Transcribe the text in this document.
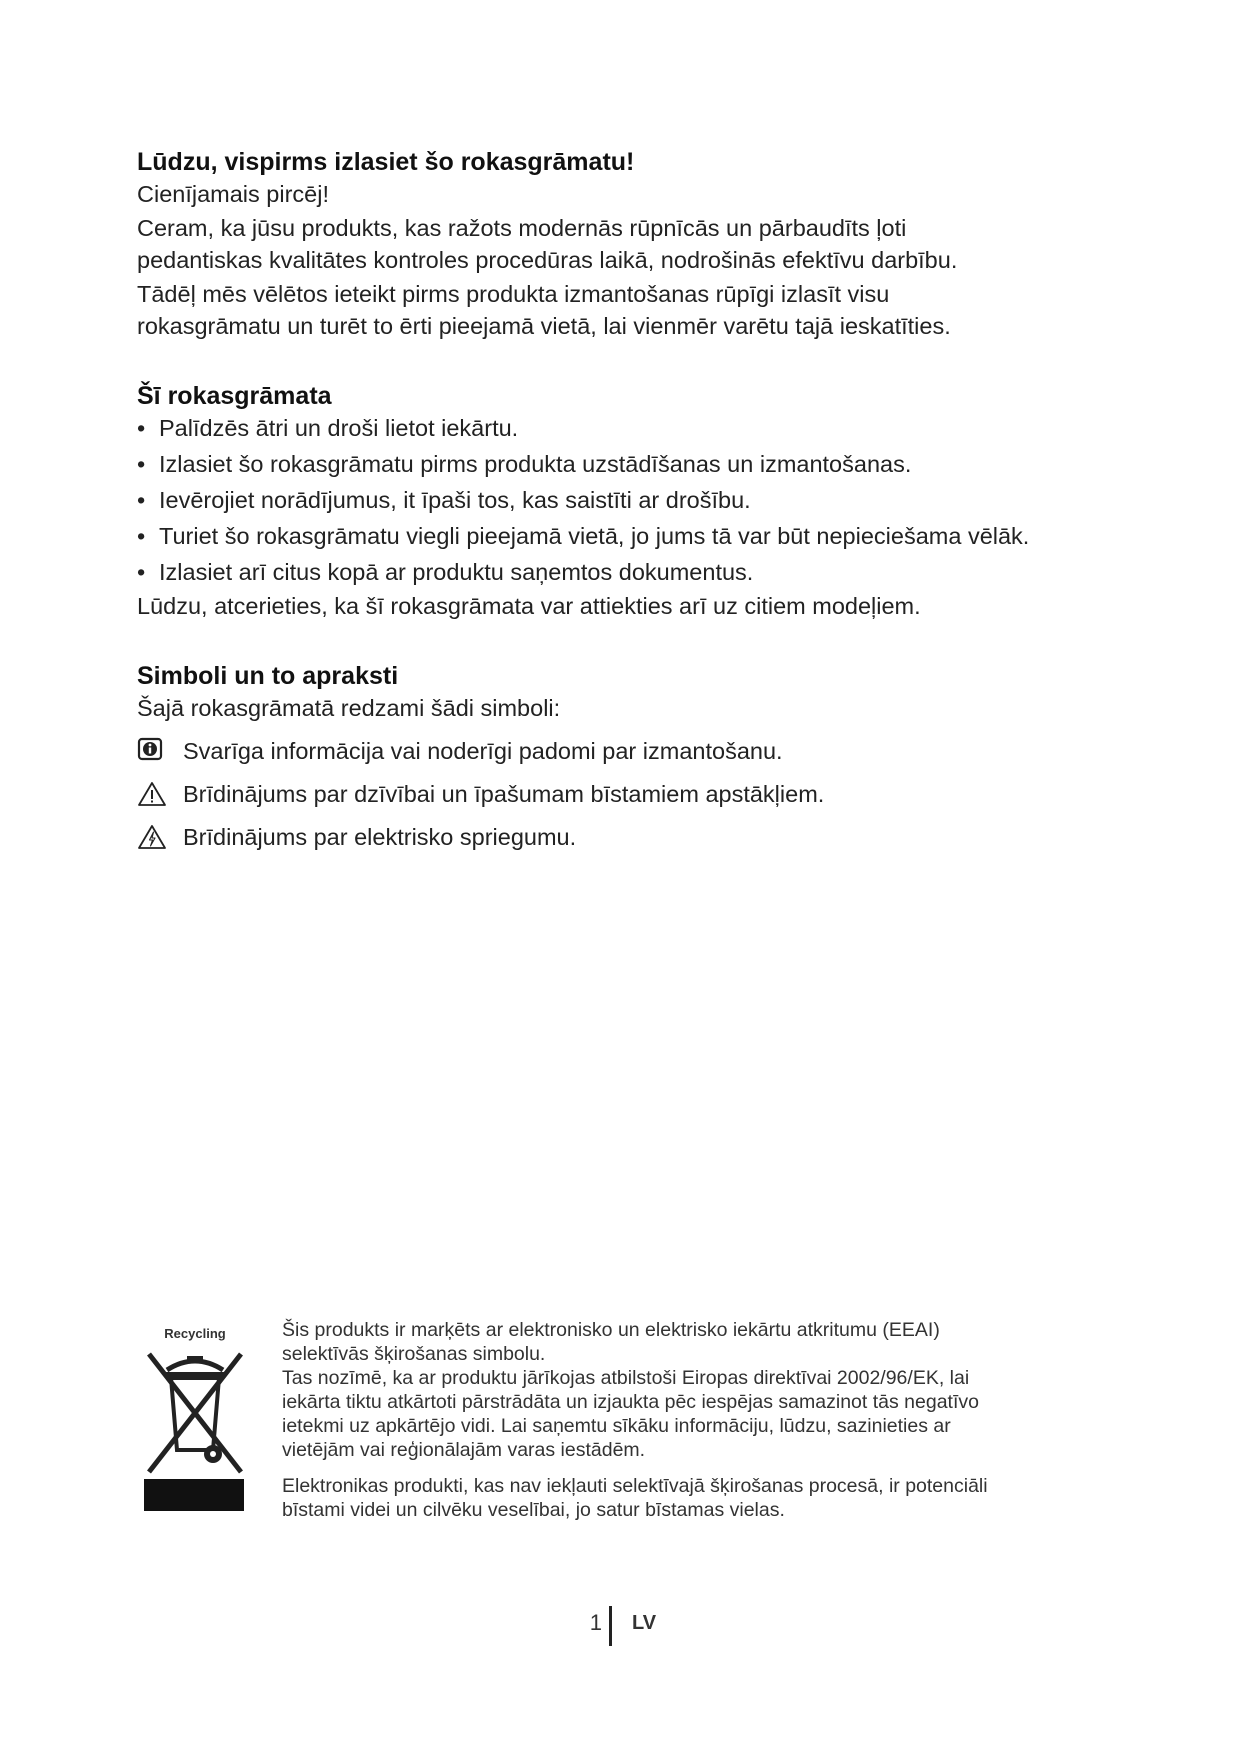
Lūdzu, vispirms izlasiet šo rokasgrāmatu!

Cienījamais pircēj!

Ceram, ka jūsu produkts, kas ražots modernās rūpnīcās un pārbaudīts ļoti

pedantiskas kvalitātes kontroles procedūras laikā, nodrošinās efektīvu darbību.

Tādēļ mēs vēlētos ieteikt pirms produkta izmantošanas rūpīgi izlasīt visu

rokasgrāmatu un turēt to ērti pieejamā vietā, lai vienmēr varētu tajā ieskatīties.

Šī rokasgrāmata
• Palīdzēs ātri un droši lietot iekārtu.
• Izlasiet šo rokasgrāmatu pirms produkta uzstādīšanas un izmantošanas.
• Ievērojiet norādījumus, it īpaši tos, kas saistīti ar drošību.
• Turiet šo rokasgrāmatu viegli pieejamā vietā, jo jums tā var būt nepieciešama vēlāk.
• Izlasiet arī citus kopā ar produktu saņemtos dokumentus.

Lūdzu, atcerieties, ka šī rokasgrāmata var attiekties arī uz citiem modeļiem.

Simboli un to apraksti

Šajā rokasgrāmatā redzami šādi simboli:

Svarīga informācija vai noderīgi padomi par izmantošanu.
Brīdinājums par dzīvībai un īpašumam bīstamiem apstākļiem.
Brīdinājums par elektrisko spriegumu.
Recycling	Šis produkts ir marķēts ar elektronisko un elektrisko iekārtu atkritumu (EEAI)

selektīvās šķirošanas simbolu.

Tas nozīmē, ka ar produktu jārīkojas atbilstoši Eiropas direktīvai 2002/96/EK, lai

iekārta tiktu atkārtoti pārstrādāta un izjaukta pēc iespējas samazinot tās negatīvo

ietekmi uz apkārtējo vidi. Lai saņemtu sīkāku informāciju, lūdzu, sazinieties ar

vietējām vai reģionālajām varas iestādēm.

Elektronikas produkti, kas nav iekļauti selektīvajā šķirošanas procesā, ir potenciāli

bīstami videi un cilvēku veselībai, jo satur bīstamas vielas.

1 LV
